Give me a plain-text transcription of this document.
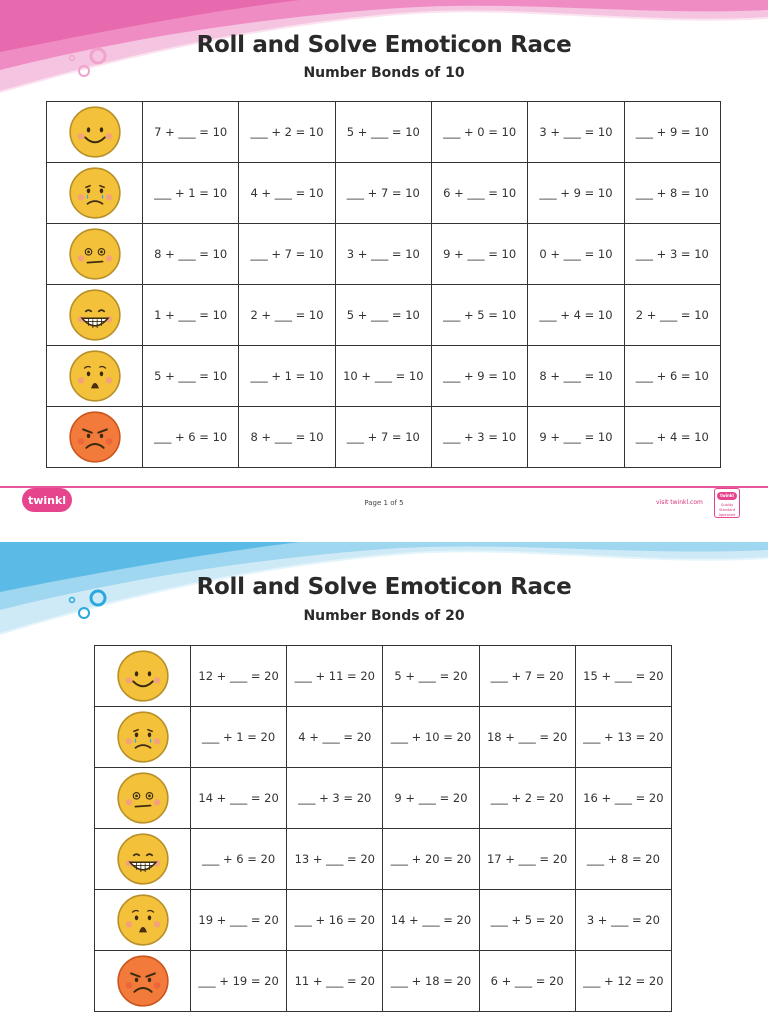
Roll and Solve Emoticon Race
Number Bonds of 10
	7 + ___ = 10	___ + 2 = 10	5 + ___ = 10	___ + 0 = 10	3 + ___ = 10	___ + 9 = 10

	___ + 1 = 10	4 + ___ = 10	___ + 7 = 10	6 + ___ = 10	___ + 9 = 10	___ + 8 = 10

	8 + ___ = 10	___ + 7 = 10	3 + ___ = 10	9 + ___ = 10	0 + ___ = 10	___ + 3 = 10

	1 + ___ = 10	2 + ___ = 10	5 + ___ = 10	___ + 5 = 10	___ + 4 = 10	2 + ___ = 10

	5 + ___ = 10	___ + 1 = 10	10 + ___ = 10	___ + 9 = 10	8 + ___ = 10	___ + 6 = 10

	___ + 6 = 10	8 + ___ = 10	___ + 7 = 10	___ + 3 = 10	9 + ___ = 10	___ + 4 = 10
twinkl	Page 1 of 5	visit twinkl.com
twinkl
Quality Standard Approved
Roll and Solve Emoticon Race
Number Bonds of 20
	12 + ___ = 20	___ + 11 = 20	5 + ___ = 20	___ + 7 = 20	15 + ___ = 20

	___ + 1 = 20	4 + ___ = 20	___ + 10 = 20	18 + ___ = 20	___ + 13 = 20

	14 + ___ = 20	___ + 3 = 20	9 + ___ = 20	___ + 2 = 20	16 + ___ = 20

	___ + 6 = 20	13 + ___ = 20	___ + 20 = 20	17 + ___ = 20	___ + 8 = 20

	19 + ___ = 20	___ + 16 = 20	14 + ___ = 20	___ + 5 = 20	3 + ___ = 20

	___ + 19 = 20	11 + ___ = 20	___ + 18 = 20	6 + ___ = 20	___ + 12 = 20
